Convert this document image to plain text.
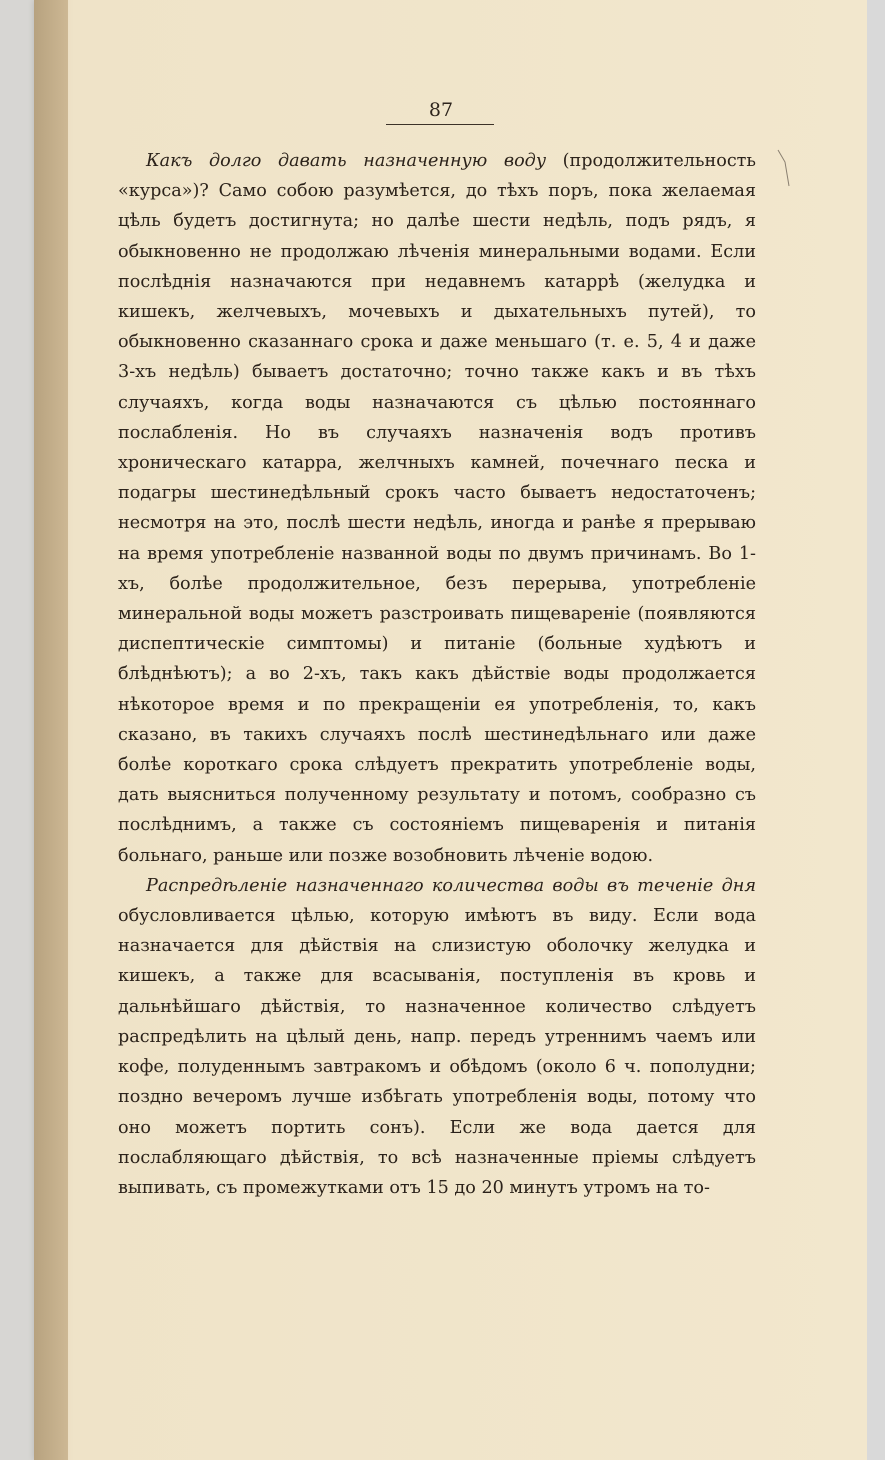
87

Какъ долго давать назначенную воду (продолжительность «курса»)? Само собою разумѣется, до тѣхъ поръ, пока желаемая цѣль будетъ достигнута; но далѣе шести недѣль, подъ рядъ, я обыкновенно не продолжаю лѣченія минеральными водами. Если послѣднія назначаются при недавнемъ катаррѣ (желудка и кишекъ, желчевыхъ, мочевыхъ и дыхательныхъ путей), то обыкновенно сказаннаго срока и даже меньшаго (т. е. 5, 4 и даже 3-хъ недѣль) бываетъ достаточно; точно также какъ и въ тѣхъ случаяхъ, когда воды назначаются съ цѣлью постояннаго послабленія. Но въ случаяхъ назначенія водъ противъ хроническаго катарра, желчныхъ камней, почечнаго песка и подагры шестинедѣльный срокъ часто бываетъ недостаточенъ; несмотря на это, послѣ шести недѣль, иногда и ранѣе я прерываю на время употребленіе названной воды по двумъ причинамъ. Во 1-хъ, болѣе продолжительное, безъ перерыва, употребленіе минеральной воды можетъ разстроивать пищевареніе (появляются диспептическіе симптомы) и питаніе (больные худѣютъ и блѣднѣютъ); а во 2-хъ, такъ какъ дѣйствіе воды продолжается нѣкоторое время и по прекращеніи ея употребленія, то, какъ сказано, въ такихъ случаяхъ послѣ шестинедѣльнаго или даже болѣе короткаго срока слѣдуетъ прекратить употребленіе воды, дать выясниться полученному результату и потомъ, сообразно съ послѣднимъ, а также съ состояніемъ пищеваренія и питанія больнаго, раньше или позже возобновить лѣченіе водою.

Распредѣленіе назначеннаго количества воды въ теченіе дня обусловливается цѣлью, которую имѣютъ въ виду. Если вода назначается для дѣйствія на слизистую оболочку желудка и кишекъ, а также для всасыванія, поступленія въ кровь и дальнѣйшаго дѣйствія, то назначенное количество слѣдуетъ распредѣлить на цѣлый день, напр. передъ утреннимъ чаемъ или кофе, полуденнымъ завтракомъ и обѣдомъ (около 6 ч. пополудни; поздно вечеромъ лучше избѣгать употребленія воды, потому что оно можетъ портить сонъ). Если же вода дается для послабляющаго дѣйствія, то всѣ назначенные пріемы слѣдуетъ выпивать, съ промежутками отъ 15 до 20 минутъ утромъ на то-
